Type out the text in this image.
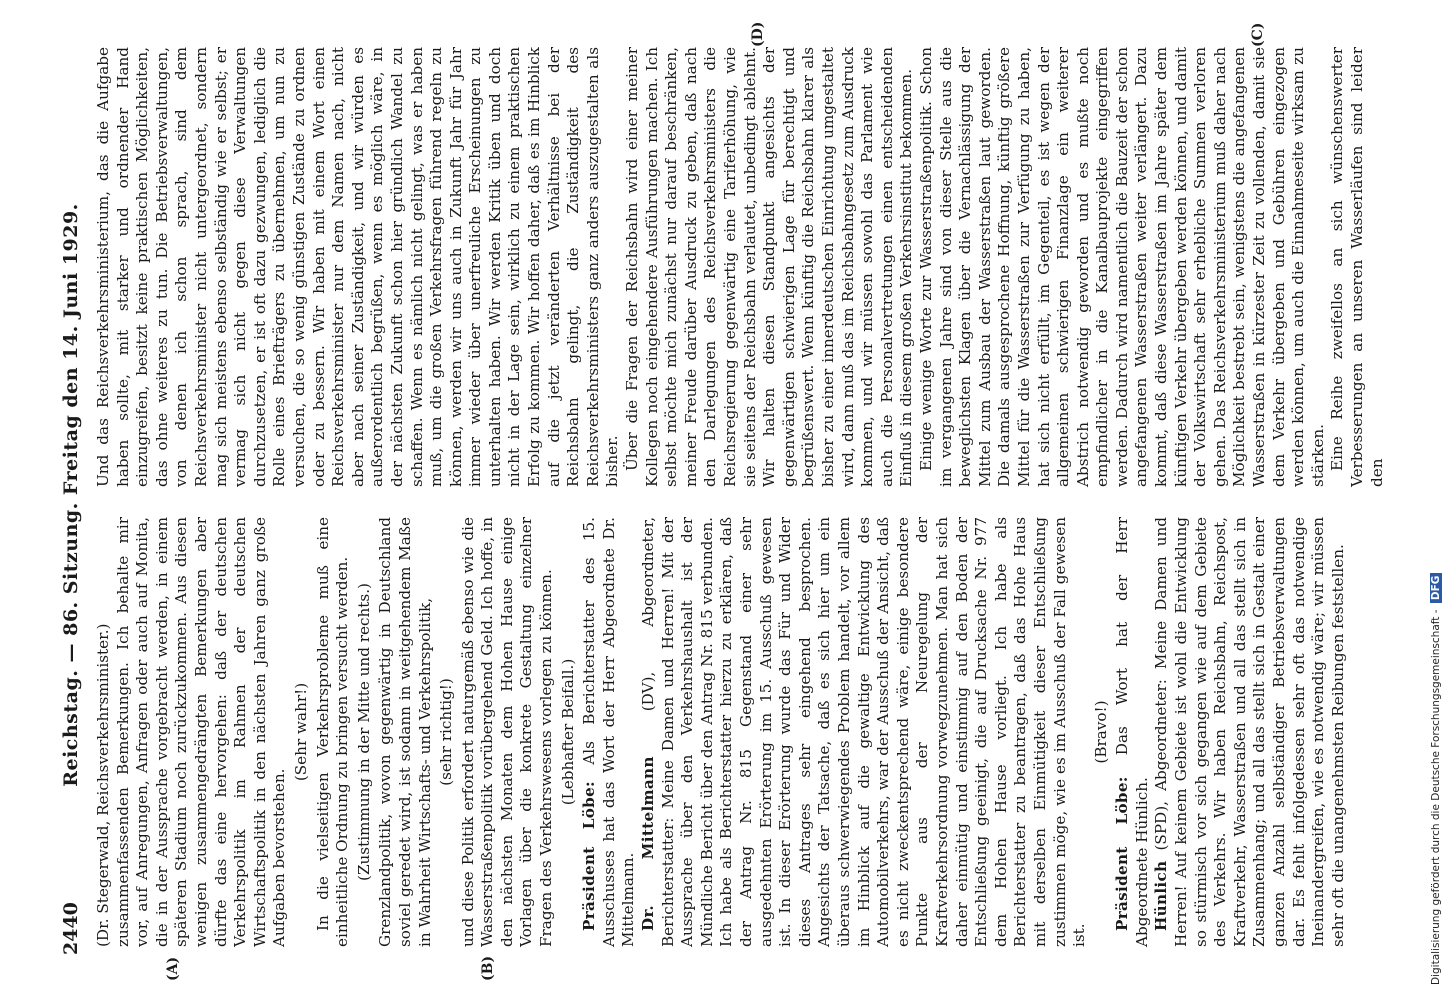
2440
Reichstag. — 86. Sitzung. Freitag den 14. Juni 1929.
(A)	(B)
(C)
(D)

(Dr. Stegerwald, Reichsverkehrsminister.) zusammenfassenden Bemerkungen. Ich behalte mir vor, auf Anregungen, Anfragen oder auch auf Monita, die in der Aussprache vorgebracht werden, in einem späteren Stadium noch zurückzukommen. Aus diesen wenigen zusammengedrängten Bemerkungen aber dürfte das eine hervorgehen: daß der deutschen Verkehrspolitik im Rahmen der deutschen Wirtschaftspolitik in den nächsten Jahren ganz große Aufgaben bevorstehen.

(Sehr wahr!) In die vielseitigen Verkehrsprobleme muß eine einheitliche Ordnung zu bringen versucht werden. (Zustimmung in der Mitte und rechts.) Grenzlandpolitik, wovon gegenwärtig in Deutschland soviel geredet wird, ist sodann in weitgehendem Maße in Wahrheit Wirtschafts- und Verkehrspolitik, (sehr richtig!) und diese Politik erfordert naturgemäß ebenso wie die Wasserstraßenpolitik vorübergehend Geld. Ich hoffe, in den nächsten Monaten dem Hohen Hause einige Vorlagen über die konkrete Gestaltung einzelner Fragen des Verkehrswesens vorlegen zu können. (Lebhafter Beifall.)

Präsident Löbe: Als Berichterstatter des 15. Ausschusses hat das Wort der Herr Abgeordnete Dr. Mittelmann. Dr. Mittelmann (DV), Abgeordneter, Berichterstatter: Meine Damen und Herren! Mit der Aussprache über den Verkehrshaushalt ist der Mündliche Bericht über den Antrag Nr. 815 verbunden. Ich habe als Berichterstatter hierzu zu erklären, daß der Antrag Nr. 815 Gegenstand einer sehr ausgedehnten Erörterung im 15. Ausschuß gewesen ist. In dieser Erörterung wurde das Für und Wider dieses Antrages sehr eingehend besprochen. Angesichts der Tatsache, daß es sich hier um ein überaus schwerwiegendes Problem handelt, vor allem im Hinblick auf die gewaltige Entwicklung des Automobilverkehrs, war der Ausschuß der Ansicht, daß es nicht zweckentsprechend wäre, einige besondere Punkte aus der Neuregelung der Kraftverkehrsordnung vorwegzunehmen. Man hat sich daher einmütig und einstimmig auf den Boden der Entschließung geeinigt, die auf Drucksache Nr. 977 dem Hohen Hause vorliegt. Ich habe als Berichterstatter zu beantragen, daß das Hohe Haus mit derselben Einmütigkeit dieser Entschließung zustimmen möge, wie es im Ausschuß der Fall gewesen ist.

(Bravo!)

Präsident Löbe: Das Wort hat der Herr Abgeordnete Hünlich. Hünlich (SPD), Abgeordneter: Meine Damen und Herren! Auf keinem Gebiete ist wohl die Entwicklung so stürmisch vor sich gegangen wie auf dem Gebiete des Verkehrs. Wir haben Reichsbahn, Reichspost, Kraftverkehr, Wasserstraßen und all das stellt sich in Zusammenhang; und all das stellt sich in Gestalt einer ganzen Anzahl selbständiger Betriebsverwaltungen dar. Es fehlt infolgedessen sehr oft das notwendige Ineinandergreifen, wie es notwendig wäre; wir müssen sehr oft die unangenehmsten Reibungen feststellen.

Und das Reichsverkehrsministerium, das die Aufgabe haben sollte, mit starker und ordnender Hand einzugreifen, besitzt keine praktischen Möglichkeiten, das ohne weiteres zu tun. Die Betriebsverwaltungen, von denen ich schon sprach, sind dem Reichsverkehrsminister nicht untergeordnet, sondern mag sich meistens ebenso selbständig wie er selbst; er vermag sich nicht gegen diese Verwaltungen durchzusetzen, er ist oft dazu gezwungen, lediglich die Rolle eines Briefträgers zu übernehmen, um nun zu versuchen, die so wenig günstigen Zustände zu ordnen oder zu bessern. Wir haben mit einem Wort einen Reichsverkehrsminister nur dem Namen nach, nicht aber nach seiner Zuständigkeit, und wir würden es außerordentlich begrüßen, wenn es möglich wäre, in der nächsten Zukunft schon hier gründlich Wandel zu schaffen. Wenn es nämlich nicht gelingt, was er haben muß, um die großen Verkehrsfragen führend regeln zu können, werden wir uns auch in Zukunft Jahr für Jahr immer wieder über unerfreuliche Erscheinungen zu unterhalten haben. Wir werden Kritik üben und doch nicht in der Lage sein, wirklich zu einem praktischen Erfolg zu kommen. Wir hoffen daher, daß es im Hinblick auf die jetzt veränderten Verhältnisse bei der Reichsbahn gelingt, die Zuständigkeit des Reichsverkehrsministers ganz anders auszugestalten als bisher. Über die Fragen der Reichsbahn wird einer meiner Kollegen noch eingehendere Ausführungen machen. Ich selbst möchte mich zunächst nur darauf beschränken, meiner Freude darüber Ausdruck zu geben, daß nach den Darlegungen des Reichsverkehrsministers die Reichsregierung gegenwärtig eine Tariferhöhung, wie sie seitens der Reichsbahn verlautet, unbedingt ablehnt. Wir halten diesen Standpunkt angesichts der gegenwärtigen schwierigen Lage für berechtigt und begrüßenswert. Wenn künftig die Reichsbahn klarer als bisher zu einer innerdeutschen Einrichtung umgestaltet wird, dann muß das im Reichsbahngesetz zum Ausdruck kommen, und wir müssen sowohl das Parlament wie auch die Personalvertretungen einen entscheidenden Einfluß in diesem großen Verkehrsinstitut bekommen. Einige wenige Worte zur Wasserstraßenpolitik. Schon im vergangenen Jahre sind von dieser Stelle aus die beweglichsten Klagen über die Vernachlässigung der Mittel zum Ausbau der Wasserstraßen laut geworden. Die damals ausgesprochene Hoffnung, künftig größere Mittel für die Wasserstraßen zur Verfügung zu haben, hat sich nicht erfüllt, im Gegenteil, es ist wegen der allgemeinen schwierigen Finanzlage ein weiterer Abstrich notwendig geworden und es mußte noch empfindlicher in die Kanalbauprojekte eingegriffen werden. Dadurch wird namentlich die Bauzeit der schon angefangenen Wasserstraßen weiter verlängert. Dazu kommt, daß diese Wasserstraßen im Jahre später dem künftigen Verkehr übergeben werden können, und damit der Volkswirtschaft sehr erhebliche Summen verloren gehen. Das Reichsverkehrsministerium muß daher nach Möglichkeit bestrebt sein, wenigstens die angefangenen Wasserstraßen in kürzester Zeit zu vollenden, damit sie dem Verkehr übergeben und Gebühren eingezogen werden können, um auch die Einnahmeseite wirksam zu stärken. Eine Reihe zweifellos an sich wünschenswerter Verbesserungen an unseren Wasserläufen sind leider den

Digitalisierung gefördert durch die Deutsche Forschungsgemeinschaft - DFG
